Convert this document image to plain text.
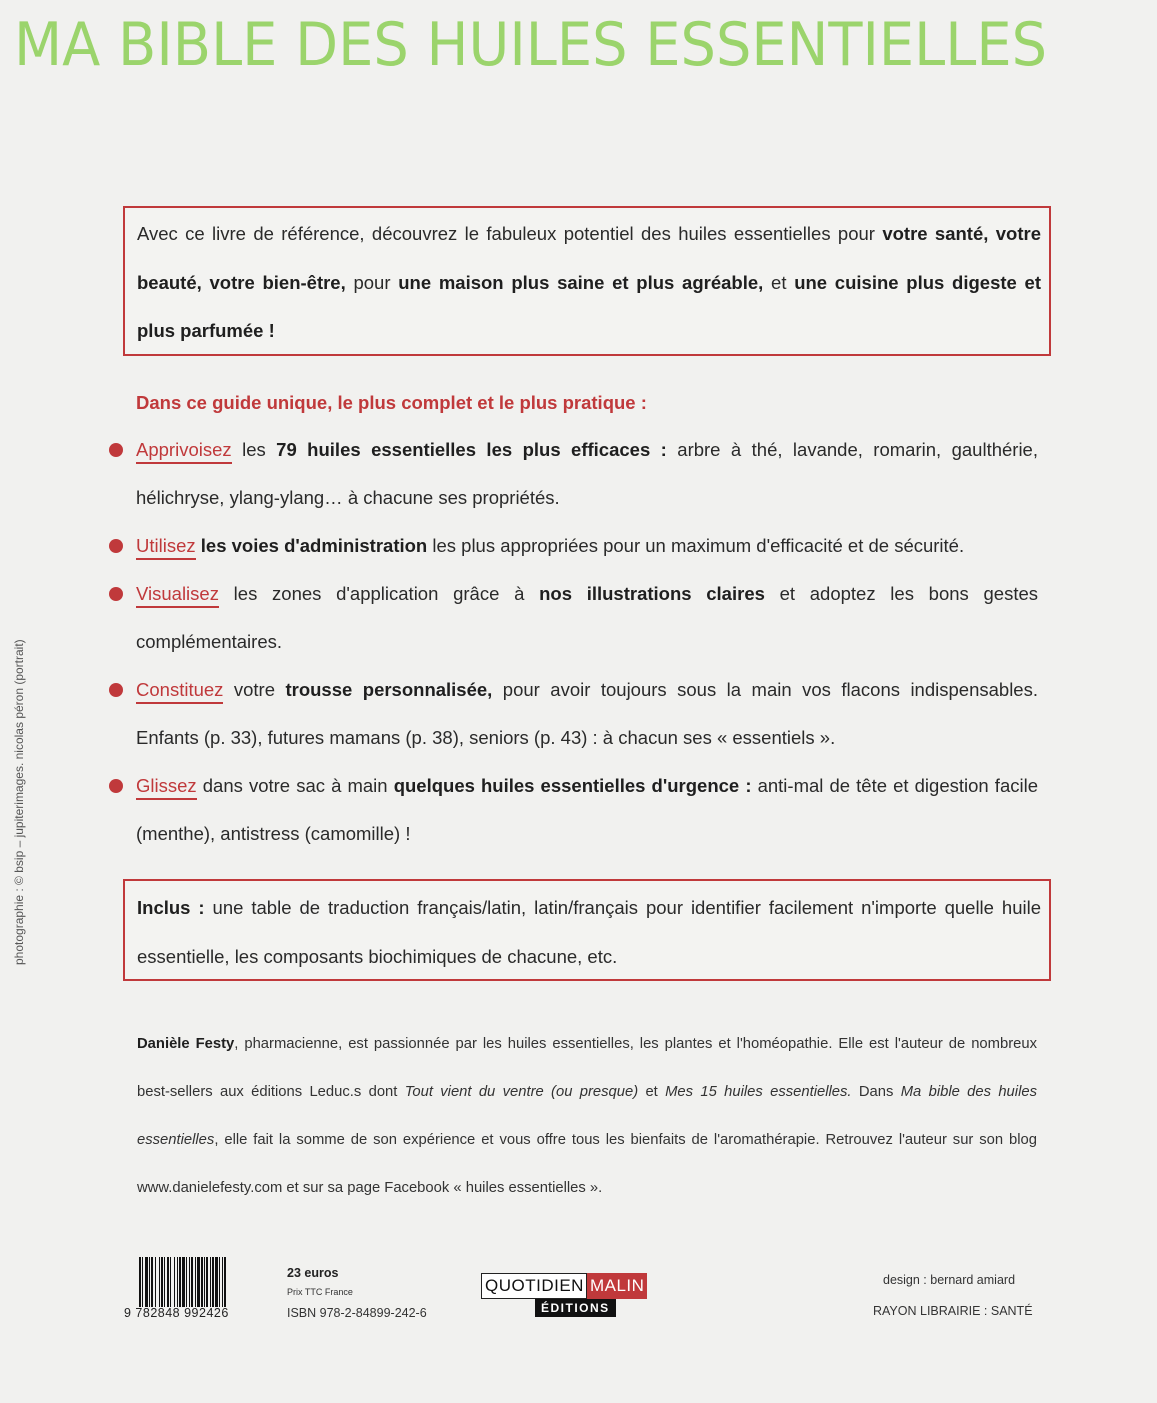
MA BIBLE DES HUILES ESSENTIELLES
photographie : © bsip – jupiterimages. nicolas péron (portrait)

Avec ce livre de référence, découvrez le fabuleux potentiel des huiles essentielles pour votre santé, votre beauté, votre bien-être, pour une maison plus saine et plus agréable, et une cuisine plus digeste et plus parfumée !

Dans ce guide unique, le plus complet et le plus pratique :
Apprivoisez les 79 huiles essentielles les plus efficaces : arbre à thé, lavande, romarin, gaulthérie, hélichryse, ylang-ylang… à chacune ses propriétés.
Utilisez les voies d'administration les plus appropriées pour un maximum d'efficacité et de sécurité.
Visualisez les zones d'application grâce à nos illustrations claires et adoptez les bons gestes complémentaires.
Constituez votre trousse personnalisée, pour avoir toujours sous la main vos flacons indispensables. Enfants (p. 33), futures mamans (p. 38), seniors (p. 43) : à chacun ses « essentiels ».
Glissez dans votre sac à main quelques huiles essentielles d'urgence : anti-mal de tête et digestion facile (menthe), antistress (camomille) !

Inclus : une table de traduction français/latin, latin/français pour identifier facilement n'importe quelle huile essentielle, les composants biochimiques de chacune, etc.

Danièle Festy, pharmacienne, est passionnée par les huiles essentielles, les plantes et l'homéopathie. Elle est l'auteur de nombreux best-sellers aux éditions Leduc.s dont Tout vient du ventre (ou presque) et Mes 15 huiles essentielles. Dans Ma bible des huiles essentielles, elle fait la somme de son expérience et vous offre tous les bienfaits de l'aromathérapie. Retrouvez l'auteur sur son blog www.danielefesty.com et sur sa page Facebook « huiles essentielles ».
9 782848 992426
23 euros
Prix TTC France
ISBN 978-2-84899-242-6
QUOTIDIEN MALIN
ÉDITIONS
design : bernard amiard
RAYON LIBRAIRIE : SANTÉ
